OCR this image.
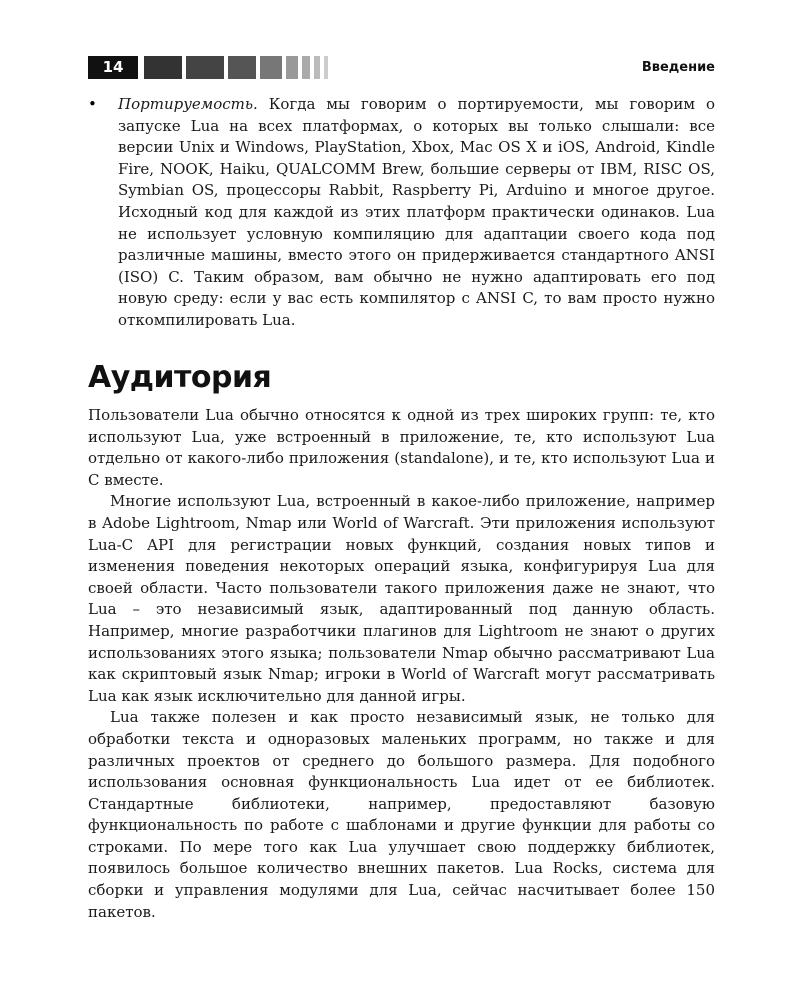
14	Введение
• Портируемость. Когда мы говорим о портируемости, мы говорим о запуске Lua на всех платформах, о которых вы только слышали: все версии Unix и Windows, PlayStation, Xbox, Mac OS X и iOS, Android, Kindle Fire, NOOK, Haiku, QUALCOMM Brew, большие серверы от IBM, RISC OS, Symbian OS, процессоры Rabbit, Raspberry Pi, Arduino и многое другое. Исходный код для каждой из этих платформ практически одинаков. Lua не использует условную компиляцию для адаптации своего кода под различные машины, вместо этого он придерживается стандартного ANSI (ISO) C. Таким образом, вам обычно не нужно адаптировать его под новую среду: если у вас есть компилятор с ANSI C, то вам просто нужно откомпилировать Lua.

Аудитория

Пользователи Lua обычно относятся к одной из трех широких групп: те, кто используют Lua, уже встроенный в приложение, те, кто используют Lua отдельно от какого-либо приложения (standalone), и те, кто используют Lua и C вместе.

Многие используют Lua, встроенный в какое-либо приложение, например в Adobe Lightroom, Nmap или World of Warcraft. Эти приложения используют Lua-C API для регистрации новых функций, создания новых типов и изменения поведения некоторых операций языка, конфигурируя Lua для своей области. Часто пользователи такого приложения даже не знают, что Lua – это независимый язык, адаптированный под данную область. Например, многие разработчики плагинов для Lightroom не знают о других использованиях этого языка; пользователи Nmap обычно рассматривают Lua как скриптовый язык Nmap; игроки в World of Warcraft могут рассматривать Lua как язык исключительно для данной игры.

Lua также полезен и как просто независимый язык, не только для обработки текста и одноразовых маленьких программ, но также и для различных проектов от среднего до большого размера. Для подобного использования основная функциональность Lua идет от ее библиотек. Стандартные библиотеки, например, предоставляют базовую функциональность по работе с шаблонами и другие функции для работы со строками. По мере того как Lua улучшает свою поддержку библиотек, появилось большое количество внешних пакетов. Lua Rocks, система для сборки и управления модулями для Lua, сейчас насчитывает более 150 пакетов.
